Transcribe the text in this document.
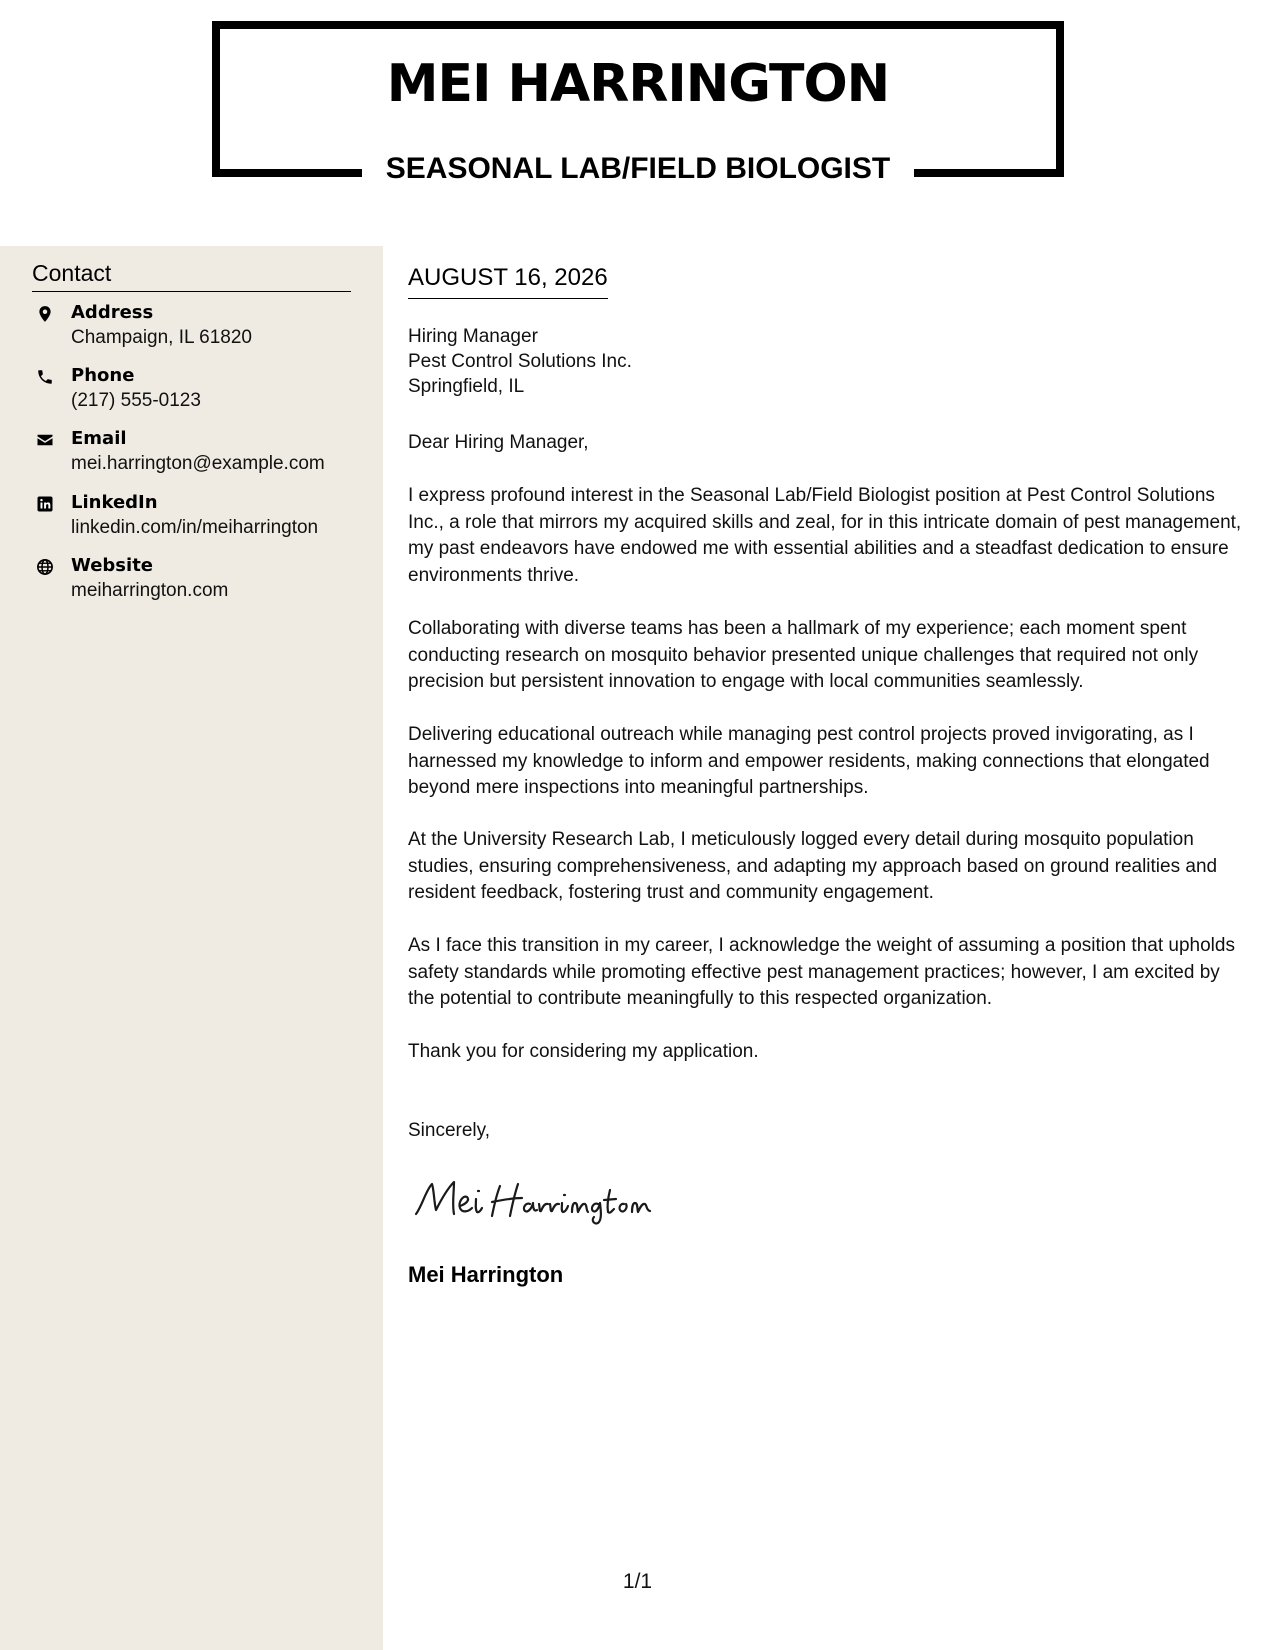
MEI HARRINGTON
SEASONAL LAB/FIELD BIOLOGIST
Contact
Address
Champaign, IL 61820
Phone
(217) 555-0123
Email
mei.harrington@example.com
LinkedIn
linkedin.com/in/meiharrington
Website
meiharrington.com
AUGUST 16, 2026
Hiring Manager
Pest Control Solutions Inc.
Springfield, IL

Dear Hiring Manager,

I express profound interest in the Seasonal Lab/Field Biologist position at Pest Control Solutions Inc., a role that mirrors my acquired skills and zeal, for in this intricate domain of pest management, my past endeavors have endowed me with essential abilities and a steadfast dedication to ensure environments thrive.

Collaborating with diverse teams has been a hallmark of my experience; each moment spent conducting research on mosquito behavior presented unique challenges that required not only precision but persistent innovation to engage with local communities seamlessly.

Delivering educational outreach while managing pest control projects proved invigorating, as I harnessed my knowledge to inform and empower residents, making connections that elongated beyond mere inspections into meaningful partnerships.

At the University Research Lab, I meticulously logged every detail during mosquito population studies, ensuring comprehensiveness, and adapting my approach based on ground realities and resident feedback, fostering trust and community engagement.

As I face this transition in my career, I acknowledge the weight of assuming a position that upholds safety standards while promoting effective pest management practices; however, I am excited by the potential to contribute meaningfully to this respected organization.

Thank you for considering my application.

Sincerely,

Mei Harrington

1/1
